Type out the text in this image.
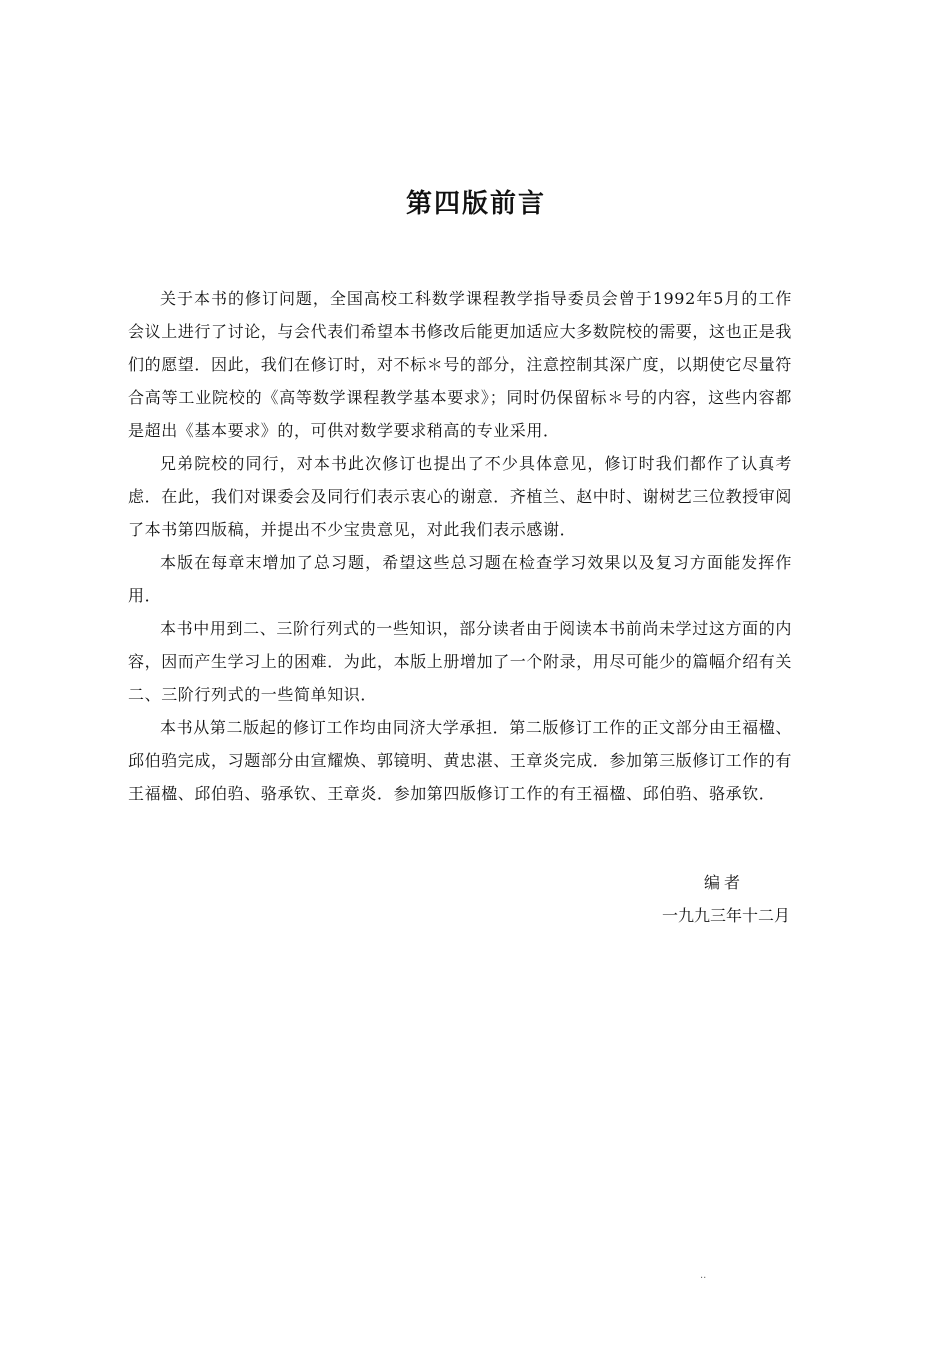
第四版前言

关于本书的修订问题，全国高校工科数学课程教学指导委员会曾于1992年5月的工作会议上进行了讨论，与会代表们希望本书修改后能更加适应大多数院校的需要，这也正是我们的愿望．因此，我们在修订时，对不标＊号的部分，注意控制其深广度，以期使它尽量符合高等工业院校的《高等数学课程教学基本要求》；同时仍保留标＊号的内容，这些内容都是超出《基本要求》的，可供对数学要求稍高的专业采用．

兄弟院校的同行，对本书此次修订也提出了不少具体意见，修订时我们都作了认真考虑．在此，我们对课委会及同行们表示衷心的谢意．齐植兰、赵中时、谢树艺三位教授审阅了本书第四版稿，并提出不少宝贵意见，对此我们表示感谢．

本版在每章末增加了总习题，希望这些总习题在检查学习效果以及复习方面能发挥作用．

本书中用到二、三阶行列式的一些知识，部分读者由于阅读本书前尚未学过这方面的内容，因而产生学习上的困难．为此，本版上册增加了一个附录，用尽可能少的篇幅介绍有关二、三阶行列式的一些简单知识．

本书从第二版起的修订工作均由同济大学承担．第二版修订工作的正文部分由王福楹、邱伯驺完成，习题部分由宣耀焕、郭镜明、黄忠湛、王章炎完成．参加第三版修订工作的有王福楹、邱伯驺、骆承钦、王章炎．参加第四版修订工作的有王福楹、邱伯驺、骆承钦．

编者
一九九三年十二月
..
